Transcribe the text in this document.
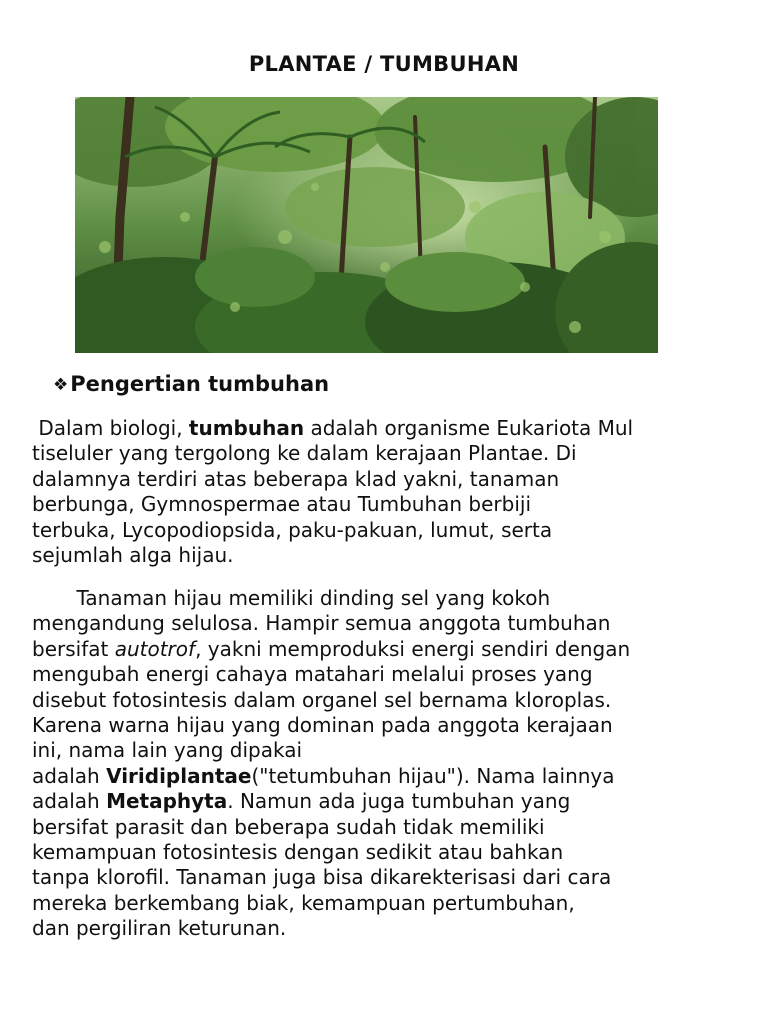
PLANTAE / TUMBUHAN
❖Pengertian tumbuhan
Dalam biologi, tumbuhan adalah organisme Eukariota Mul
tiseluler yang tergolong ke dalam kerajaan Plantae. Di
dalamnya terdiri atas beberapa klad yakni, tanaman
berbunga, Gymnospermae atau Tumbuhan berbiji
terbuka, Lycopodiopsida, paku-pakuan, lumut, serta
sejumlah alga hijau.
Tanaman hijau memiliki dinding sel yang kokoh
mengandung selulosa. Hampir semua anggota tumbuhan
bersifat autotrof, yakni memproduksi energi sendiri dengan
mengubah energi cahaya matahari melalui proses yang
disebut fotosintesis dalam organel sel bernama kloroplas.
Karena warna hijau yang dominan pada anggota kerajaan
ini, nama lain yang dipakai
adalah Viridiplantae("tetumbuhan hijau"). Nama lainnya
adalah Metaphyta. Namun ada juga tumbuhan yang
bersifat parasit dan beberapa sudah tidak memiliki
kemampuan fotosintesis dengan sedikit atau bahkan
tanpa klorofil. Tanaman juga bisa dikarekterisasi dari cara
mereka berkembang biak, kemampuan pertumbuhan,
dan pergiliran keturunan.
